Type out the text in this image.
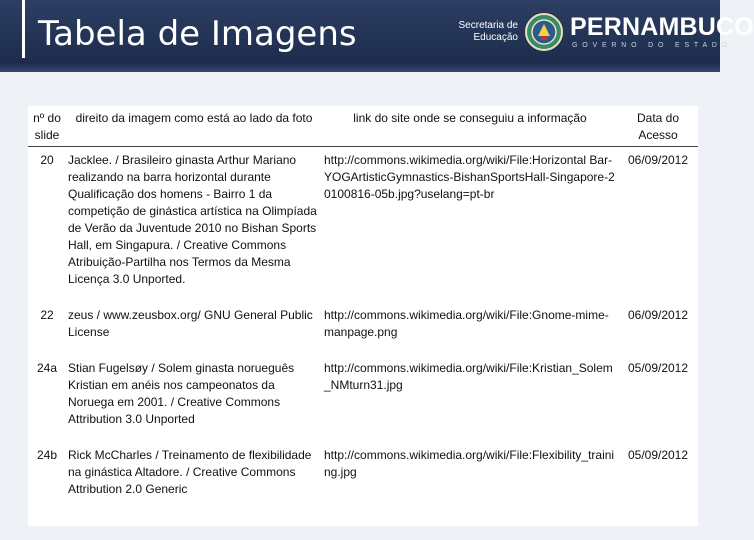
Tabela de Imagens	Secretaria de Educação PERNAMBUCO
GOVERNO DO ESTADO
nº do slide	direito da imagem como está ao lado da foto	link do site onde se conseguiu a informação	Data do Acesso
20	Jacklee. / Brasileiro ginasta Arthur Mariano realizando na barra horizontal durante Qualificação dos homens - Bairro 1 da competição de ginástica artística na Olimpíada de Verão da Juventude 2010 no Bishan Sports Hall, em Singapura. / Creative Commons Atribuição-Partilha nos Termos da Mesma Licença 3.0 Unported.	http://commons.wikimedia.org/wiki/File:Horizontal Bar-YOGArtisticGymnastics-BishanSportsHall-Singapore-20100816-05b.jpg?uselang=pt-br	06/09/2012
22	zeus / www.zeusbox.org/ GNU General Public License	http://commons.wikimedia.org/wiki/File:Gnome-mime-manpage.png	06/09/2012
24a	Stian Fugelsøy / Solem ginasta norueguês Kristian em anéis nos campeonatos da Noruega em 2001. / Creative Commons Attribution 3.0 Unported	http://commons.wikimedia.org/wiki/File:Kristian_Solem_NMturn31.jpg	05/09/2012
24b	Rick McCharles / Treinamento de flexibilidade na ginástica Altadore. / Creative Commons Attribution 2.0 Generic	http://commons.wikimedia.org/wiki/File:Flexibility_training.jpg	05/09/2012
